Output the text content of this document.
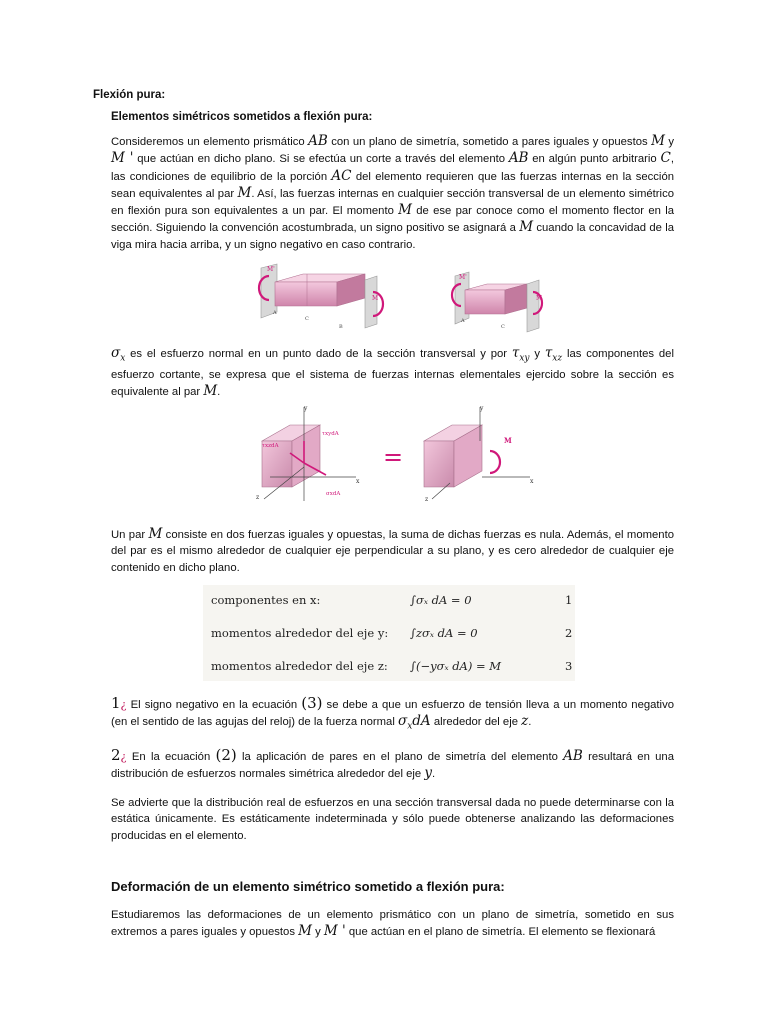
Flexión pura:
Elementos simétricos sometidos a flexión pura:

Consideremos un elemento prismático AB con un plano de simetría, sometido a pares iguales y opuestos M y M ' que actúan en dicho plano. Si se efectúa un corte a través del elemento AB en algún punto arbitrario C, las condiciones de equilibrio de la porción AC del elemento requieren que las fuerzas internas en la sección sean equivalentes al par M. Así, las fuerzas internas en cualquier sección transversal de un elemento simétrico en flexión pura son equivalentes a un par. El momento M de ese par conoce como el momento flector en la sección. Siguiendo la convención acostumbrada, un signo positivo se asignará a M cuando la concavidad de la viga mira hacia arriba, y un signo negativo en caso contrario.

M'
M
A
B
C
M'
M
A
C

$\sigma_x$ es el esfuerzo normal en un punto dado de la sección transversal y por $\tau_{xy}$ y $\tau_{xz}$ las componentes del esfuerzo cortante, se expresa que el sistema de fuerzas internas elementales ejercido sobre la sección es equivalente al par M.

y
x
z
τxzdA
τxydA
σxdA
=
y
x
z
M

Un par M consiste en dos fuerzas iguales y opuestas, la suma de dichas fuerzas es nula. Además, el momento del par es el mismo alrededor de cualquier eje perpendicular a su plano, y es cero alrededor de cualquier eje contenido en dicho plano.

componentes en x:	∫σₓ dA = 0	1
momentos alrededor del eje y: ∫zσₓ dA = 0	2
momentos alrededor del eje z: ∫(−yσₓ dA) = M	3

1¿ El signo negativo en la ecuación (3) se debe a que un esfuerzo de tensión lleva a un momento negativo (en el sentido de las agujas del reloj) de la fuerza normal $\sigma_xdA$ alrededor del eje z.

2¿ En la ecuación (2) la aplicación de pares en el plano de simetría del elemento AB resultará en una distribución de esfuerzos normales simétrica alrededor del eje y.

Se advierte que la distribución real de esfuerzos en una sección transversal dada no puede determinarse con la estática únicamente. Es estáticamente indeterminada y sólo puede obtenerse analizando las deformaciones producidas en el elemento.

Deformación de un elemento simétrico sometido a flexión pura:

Estudiaremos las deformaciones de un elemento prismático con un plano de simetría, sometido en sus extremos a pares iguales y opuestos M y M ' que actúan en el plano de simetría. El elemento se flexionará
